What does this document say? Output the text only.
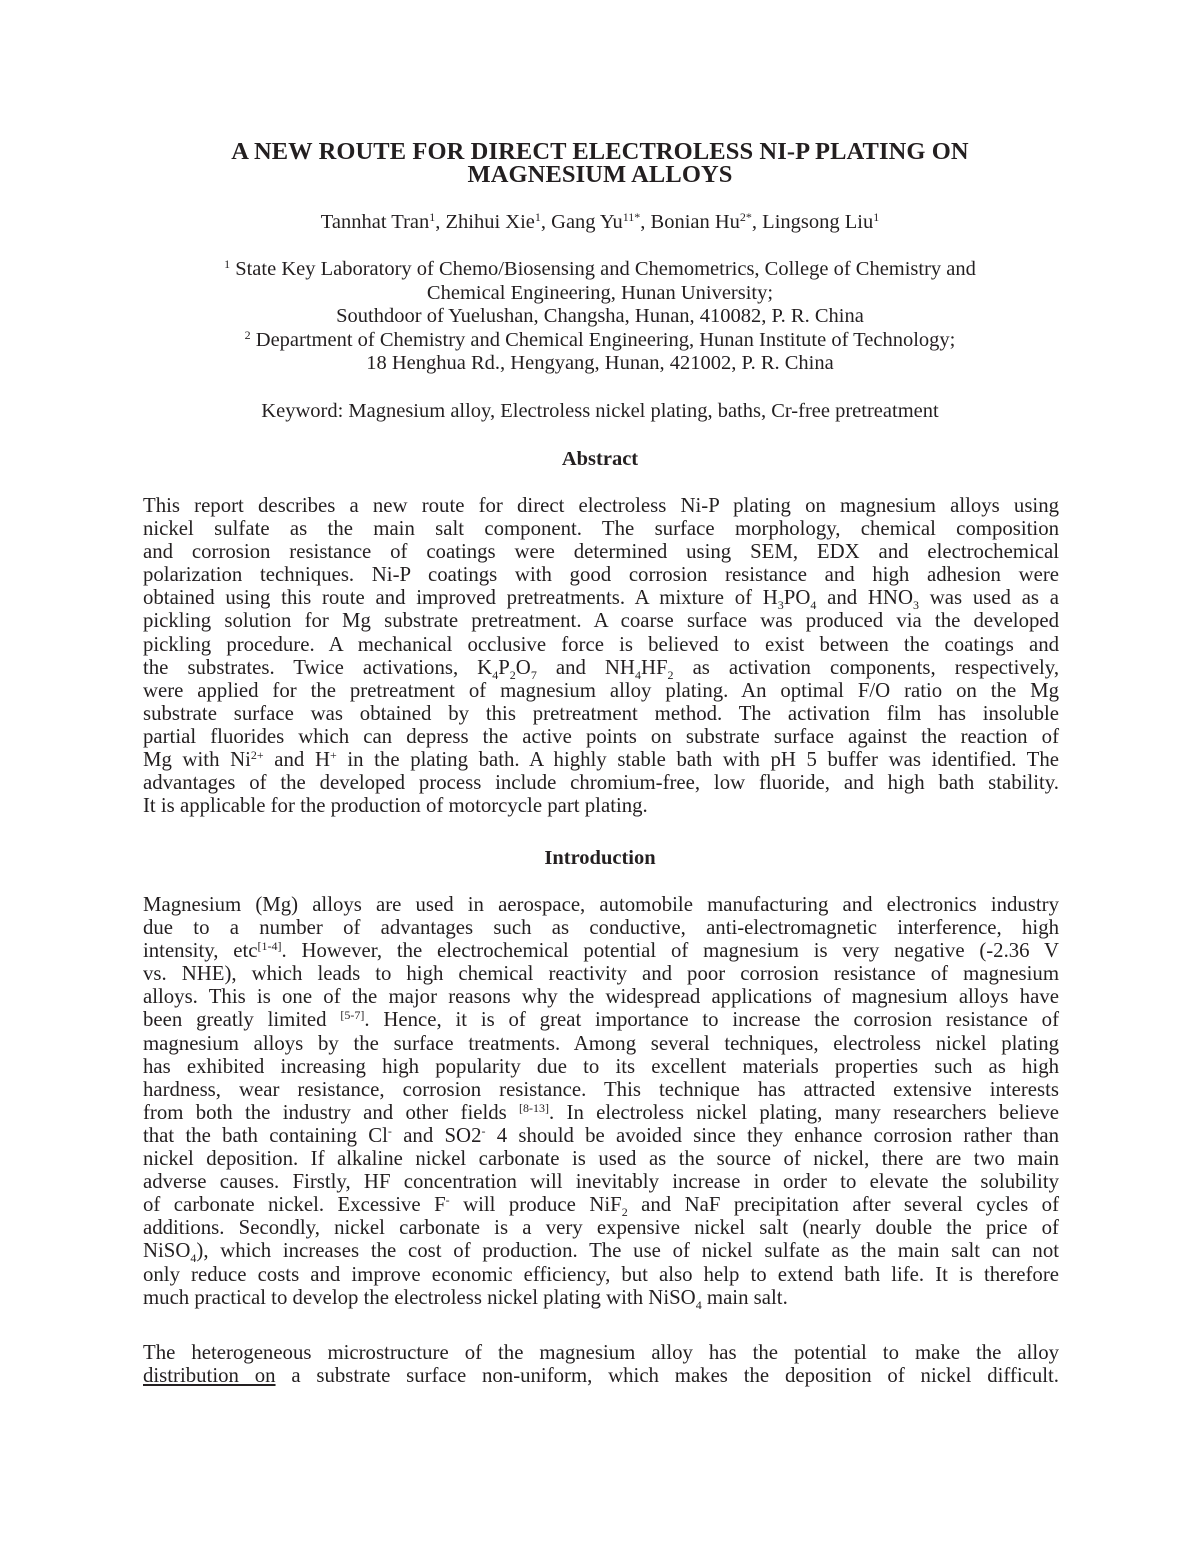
A NEW ROUTE FOR DIRECT ELECTROLESS NI-P PLATING ON
MAGNESIUM ALLOYS
Tannhat Tran$^1$, Zhihui Xie$^1$, Gang $Yu^{11*}$, Bonian $Hu^{2*}$, Lingsong Liu$^1$
$^1$ State Key Laboratory of Chemo/Biosensing and Chemometrics, College of Chemistry and
Chemical Engineering, Hunan University;
Southdoor of Yuelushan, Changsha, Hunan, 410082, P. R. China
$^2$ Department of Chemistry and Chemical Engineering, Hunan Institute of Technology;
18 Henghua Rd., Hengyang, Hunan, 421002, P. R. China
Keyword: Magnesium alloy, Electroless nickel plating, baths, Cr-free pretreatment
Abstract
This report describes a new route for direct electroless Ni-P plating on magnesium alloys using
nickel sulfate as the main salt component. The surface morphology, chemical composition
and corrosion resistance of coatings were determined using SEM, EDX and electrochemical
polarization techniques. Ni-P coatings with good corrosion resistance and high adhesion were
obtained using this route and improved pretreatments. A mixture of $H_3PO_4$ and $HNO_3$ was used as a
pickling solution for Mg substrate pretreatment. A coarse surface was produced via the developed
pickling procedure. A mechanical occlusive force is believed to exist between the coatings and
the substrates. Twice activations, $K_4P_2O_7$ and $NH_4HF_2$ as activation components, respectively,
were applied for the pretreatment of magnesium alloy plating. An optimal F/O ratio on the Mg
substrate surface was obtained by this pretreatment method. The activation film has insoluble
partial fluorides which can depress the active points on substrate surface against the reaction of
Mg with $Ni^{2+}$ and H+ in the plating bath. A highly stable bath with pH 5 buffer was identified. The
advantages of the developed process include chromium-free, low fluoride, and high bath stability.
It is applicable for the production of motorcycle part plating.
Introduction
Magnesium (Mg) alloys are used in aerospace, automobile manufacturing and electronics industry
due to a number of advantages such as conductive, anti-electromagnetic interference, high
intensity, etc[1-4]. However, the electrochemical potential of magnesium is very negative (-2.36 V
vs. NHE), which leads to high chemical reactivity and poor corrosion resistance of magnesium
alloys. This is one of the major reasons why the widespread applications of magnesium alloys have
been greatly limited [5-7]. Hence, it is of great importance to increase the corrosion resistance of
magnesium alloys by the surface treatments. Among several techniques, electroless nickel plating
has exhibited increasing high popularity due to its excellent materials properties such as high
hardness, wear resistance, corrosion resistance. This technique has attracted extensive interests
from both the industry and other fields [8-13]. In electroless nickel plating, many researchers believe
that the bath containing Cl- and SO2- 4 should be avoided since they enhance corrosion rather than
nickel deposition. If alkaline nickel carbonate is used as the source of nickel, there are two main
adverse causes. Firstly, HF concentration will inevitably increase in order to elevate the solubility
of carbonate nickel. Excessive F- will produce NiF$_2$ and NaF precipitation after several cycles of
additions. Secondly, nickel carbonate is a very expensive nickel salt (nearly double the price of
NiSO$_4$), which increases the cost of production. The use of nickel sulfate as the main salt can not
only reduce costs and improve economic efficiency, but also help to extend bath life. It is therefore
much practical to develop the electroless nickel plating with NiSO$_4$ main salt.
The heterogeneous microstructure of the magnesium alloy has the potential to make the alloy
distribution on a substrate surface non-uniform, which makes the deposition of nickel difficult.
